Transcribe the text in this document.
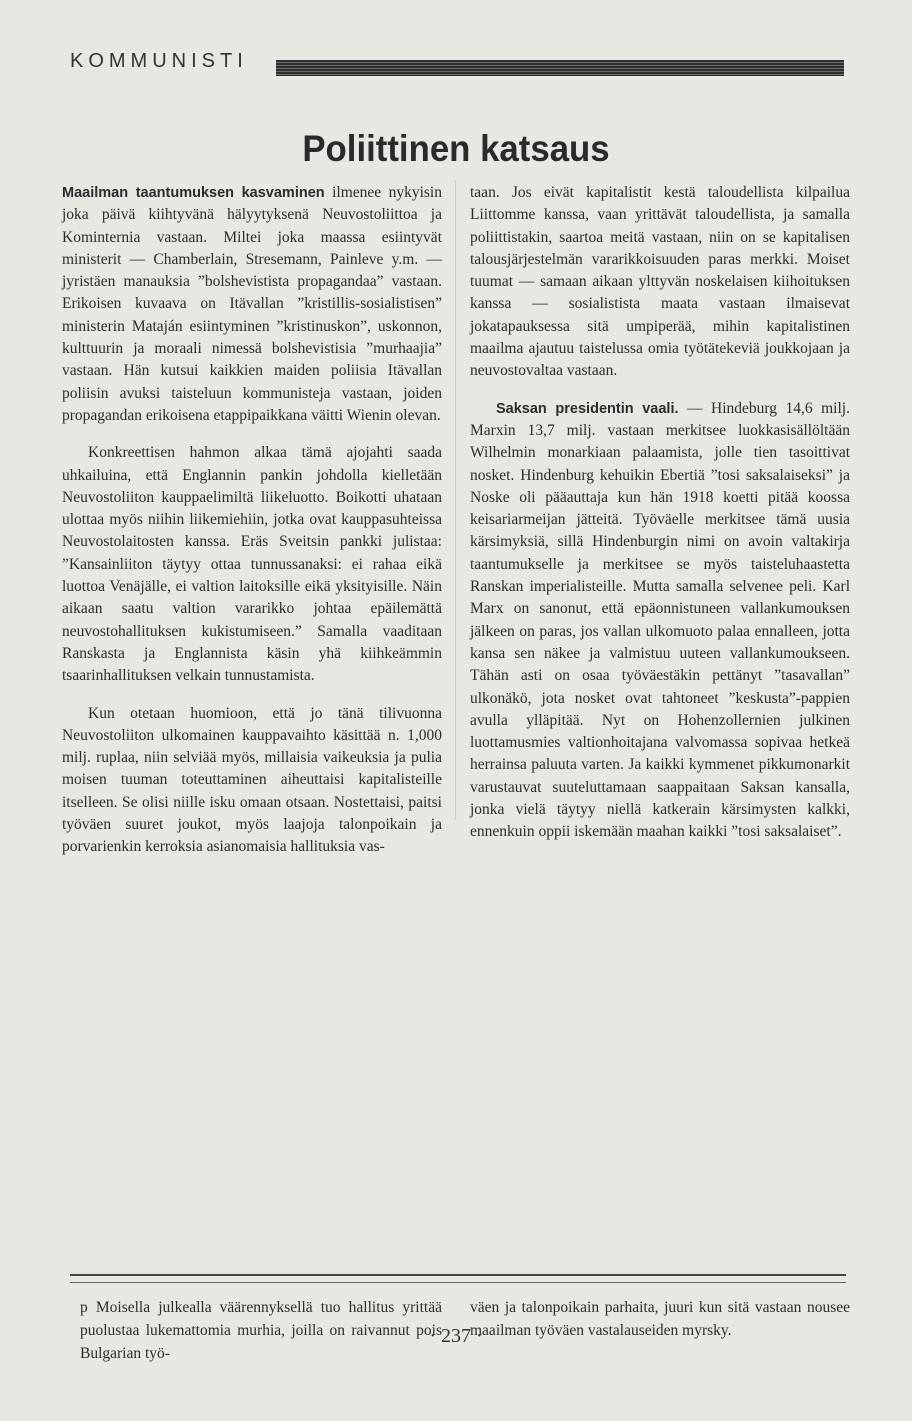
KOMMUNISTI
Poliittinen katsaus

Maailman taantumuksen kasvaminen ilmenee nykyisin joka päivä kiihtyvänä hälyytyksenä Neuvostoliittoa ja Kominternia vastaan. Miltei joka maassa esiintyvät ministerit — Chamberlain, Stresemann, Painleve y.m. — jyristäen manauksia ”bolshevistista propagandaa” vastaan. Erikoisen kuvaava on Itävallan ”kristillis-sosialistisen” ministerin Mataján esiintyminen ”kristinuskon”, uskonnon, kulttuurin ja moraali nimessä bolshevistisia ”murhaajia” vastaan. Hän kutsui kaikkien maiden poliisia Itävallan poliisin avuksi taisteluun kommunisteja vastaan, joiden propagandan erikoisena etappipaikkana väitti Wienin olevan.

Konkreettisen hahmon alkaa tämä ajojahti saada uhkailuina, että Englannin pankin johdolla kielletään Neuvostoliiton kauppaelimiltä liikeluotto. Boikotti uhataan ulottaa myös niihin liikemiehiin, jotka ovat kauppasuhteissa Neuvostolaitosten kanssa. Eräs Sveitsin pankki julistaa: ”Kansainliiton täytyy ottaa tunnussanaksi: ei rahaa eikä luottoa Venäjälle, ei valtion laitoksille eikä yksityisille. Näin aikaan saatu valtion vararikko johtaa epäilemättä neuvostohallituksen kukistumiseen.” Samalla vaaditaan Ranskasta ja Englannista käsin yhä kiihkeämmin tsaarinhallituksen velkain tunnustamista.

Kun otetaan huomioon, että jo tänä tilivuonna Neuvostoliiton ulkomainen kauppavaihto käsittää n. 1,000 milj. ruplaa, niin selviää myös, millaisia vaikeuksia ja pulia moisen tuuman toteuttaminen aiheuttaisi kapitalisteille itselleen. Se olisi niille isku omaan otsaan. Nostettaisi, paitsi työväen suuret joukot, myös laajoja talonpoikain ja porvarienkin kerroksia asianomaisia hallituksia vas-

taan. Jos eivät kapitalistit kestä taloudellista kilpailua Liittomme kanssa, vaan yrittävät taloudellista, ja samalla poliittistakin, saartoa meitä vastaan, niin on se kapitalisen talousjärjestelmän vararikkoisuuden paras merkki. Moiset tuumat — samaan aikaan ylttyvän noskelaisen kiihoituksen kanssa — sosialistista maata vastaan ilmaisevat jokatapauksessa sitä umpiperää, mihin kapitalistinen maailma ajautuu taistelussa omia työtätekeviä joukkojaan ja neuvostovaltaa vastaan.

Saksan presidentin vaali. — Hindeburg 14,6 milj. Marxin 13,7 milj. vastaan merkitsee luokkasisällöltään Wilhelmin monarkiaan palaamista, jolle tien tasoittivat nosket. Hindenburg kehuikin Ebertiä ”tosi saksalaiseksi” ja Noske oli pääauttaja kun hän 1918 koetti pitää koossa keisariarmeijan jätteitä. Työväelle merkitsee tämä uusia kärsimyksiä, sillä Hindenburgin nimi on avoin valtakirja taantumukselle ja merkitsee se myös taisteluhaastetta Ranskan imperialisteille. Mutta samalla selvenee peli. Karl Marx on sanonut, että epäonnistuneen vallankumouksen jälkeen on paras, jos vallan ulkomuoto palaa ennalleen, jotta kansa sen näkee ja valmistuu uuteen vallankumoukseen. Tähän asti on osaa työväestäkin pettänyt ”tasavallan” ulkonäkö, jota nosket ovat tahtoneet ”keskusta”-pappien avulla ylläpitää. Nyt on Hohenzollernien julkinen luottamusmies valtionhoitajana valvomassa sopivaa hetkeä herrainsa paluuta varten. Ja kaikki kymmenet pikkumonarkit varustauvat suuteluttamaan saappaitaan Saksan kansalla, jonka vielä täytyy niellä katkerain kärsimysten kalkki, ennenkuin oppii iskemään maahan kaikki ”tosi saksalaiset”.

p Moisella julkealla väärennyksellä tuo hallitus yrittää puolustaa lukemattomia murhia, joilla on raivannut pois Bulgarian työ-

väen ja talonpoikain parhaita, juuri kun sitä vastaan nousee maailman työväen vastalauseiden myrsky.

· 237 ·
